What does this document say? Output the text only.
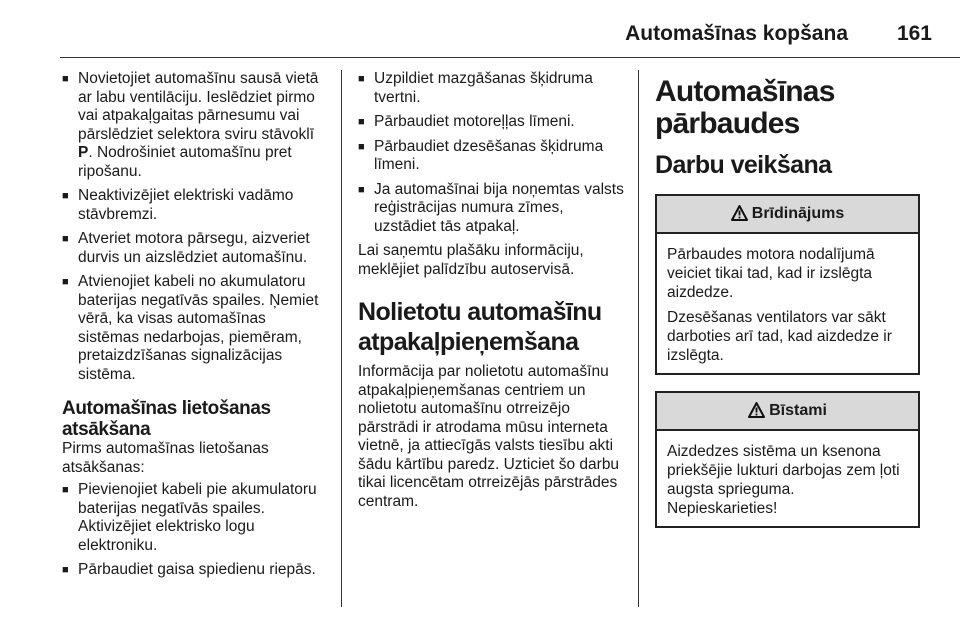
Automašīnas kopšana 161
■ Novietojiet automašīnu sausā vietā ar labu ventilāciju. Ieslēdziet pirmo vai atpakaļgaitas pārnesumu vai pārslēdziet selektora sviru stāvoklī P. Nodrošiniet automašīnu pret ripošanu.
■ Neaktivizējiet elektriski vadāmo stāvbremzi.
■ Atveriet motora pārsegu, aizveriet durvis un aizslēdziet automašīnu.
■ Atvienojiet kabeli no akumulatoru baterijas negatīvās spailes. Ņemiet vērā, ka visas automašīnas sistēmas nedarbojas, piemēram, pretaizdzīšanas signalizācijas sistēma.
Automašīnas lietošanas atsākšana

Pirms automašīnas lietošanas atsākšanas:

■ Pievienojiet kabeli pie akumulatoru baterijas negatīvās spailes. Aktivizējiet elektrisko logu elektroniku.
■ Pārbaudiet gaisa spiedienu riepās.
■ Uzpildiet mazgāšanas šķidruma tvertni.
■ Pārbaudiet motoreļļas līmeni.
■ Pārbaudiet dzesēšanas šķidruma līmeni.
■ Ja automašīnai bija noņemtas valsts reģistrācijas numura zīmes, uzstādiet tās atpakaļ.

Lai saņemtu plašāku informāciju, meklējiet palīdzību autoservisā.

Nolietotu automašīnu atpakaļpieņemšana

Informācija par nolietotu automašīnu atpakaļpieņemšanas centriem un nolietotu automašīnu otrreizējo pārstrādi ir atrodama mūsu interneta vietnē, ja attiecīgās valsts tiesību akti šādu kārtību paredz. Uzticiet šo darbu tikai licencētam otrreizējās pārstrādes centram.

Automašīnas pārbaudes
Darbu veikšana
Brīdinājums

Pārbaudes motora nodalījumā veiciet tikai tad, kad ir izslēgta aizdedze.

Dzesēšanas ventilators var sākt darboties arī tad, kad aizdedze ir izslēgta.

Bīstami

Aizdedzes sistēma un ksenona priekšējie lukturi darbojas zem ļoti augsta sprieguma. Nepieskarieties!
